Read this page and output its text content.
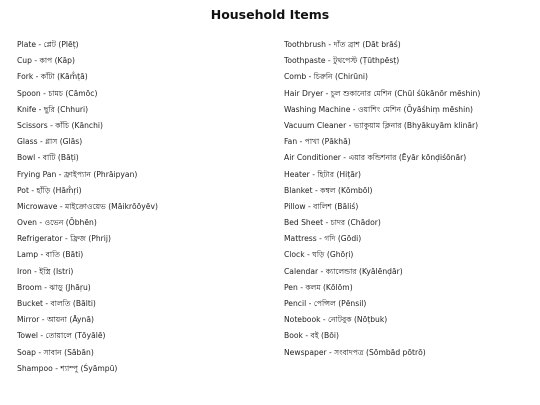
Household Items
Plate - প্লেট (Plēṭ)
Cup - কাপ (Kāp)
Fork - কাঁটা (Kām̐ṭā)
Spoon - চামচ (Cāmōc)
Knife - ছুরি (Chhuri)
Scissors - কাঁচি (Kānchi)
Glass - গ্লাস (Glās)
Bowl - বাটি (Bāṭi)
Frying Pan - ফ্রাইপ্যান (Phrāipyan)
Pot - হাঁড়ি (Hām̐ṛi)
Microwave - মাইক্রোওয়েভ (Māikrōōyēv)
Oven - ওভেন (Ōbhēn)
Refrigerator - ফ্রিজ (Phrij)
Lamp - বাতি (Bāti)
Iron - ইস্ত্রি (Istri)
Broom - ঝাড়ু (Jhāṛu)
Bucket - বালতি (Bālti)
Mirror - আয়না (Āynā)
Towel - তোয়ালে (Tōyālē)
Soap - সাবান (Sābān)
Shampoo - শ্যাম্পু (Śyāmpū)
Toothbrush - দাঁত ব্রাশ (Dāt brāś)
Toothpaste - টুথপেস্ট (Ṭūthpēsṭ)
Comb - চিরুনি (Chirūni)
Hair Dryer - চুল শুকানোর মেশিন (Chūl śūkānōr mēshin)
Washing Machine - ওয়াশিং মেশিন (Ōyāśhiṃ mēshin)
Vacuum Cleaner - ভ্যাকুয়াম ক্লিনার (Bhyākuyām klinār)
Fan - পাখা (Pākhā)
Air Conditioner - এয়ার কন্ডিশনার (Ēyār kōnḍiśōnār)
Heater - হিটার (Hiṭār)
Blanket - কম্বল (Kōmbōl)
Pillow - বালিশ (Bāliś)
Bed Sheet - চাদর (Chādor)
Mattress - গদি (Gōdi)
Clock - ঘড়ি (Ghōṛi)
Calendar - ক্যালেন্ডার (Kyālēnḍār)
Pen - কলম (Kōlōm)
Pencil - পেন্সিল (Pēnsil)
Notebook - নোটবুক (Nōṭbuk)
Book - বই (Bōi)
Newspaper - সংবাদপত্র (Sōmbād pōtrō)
